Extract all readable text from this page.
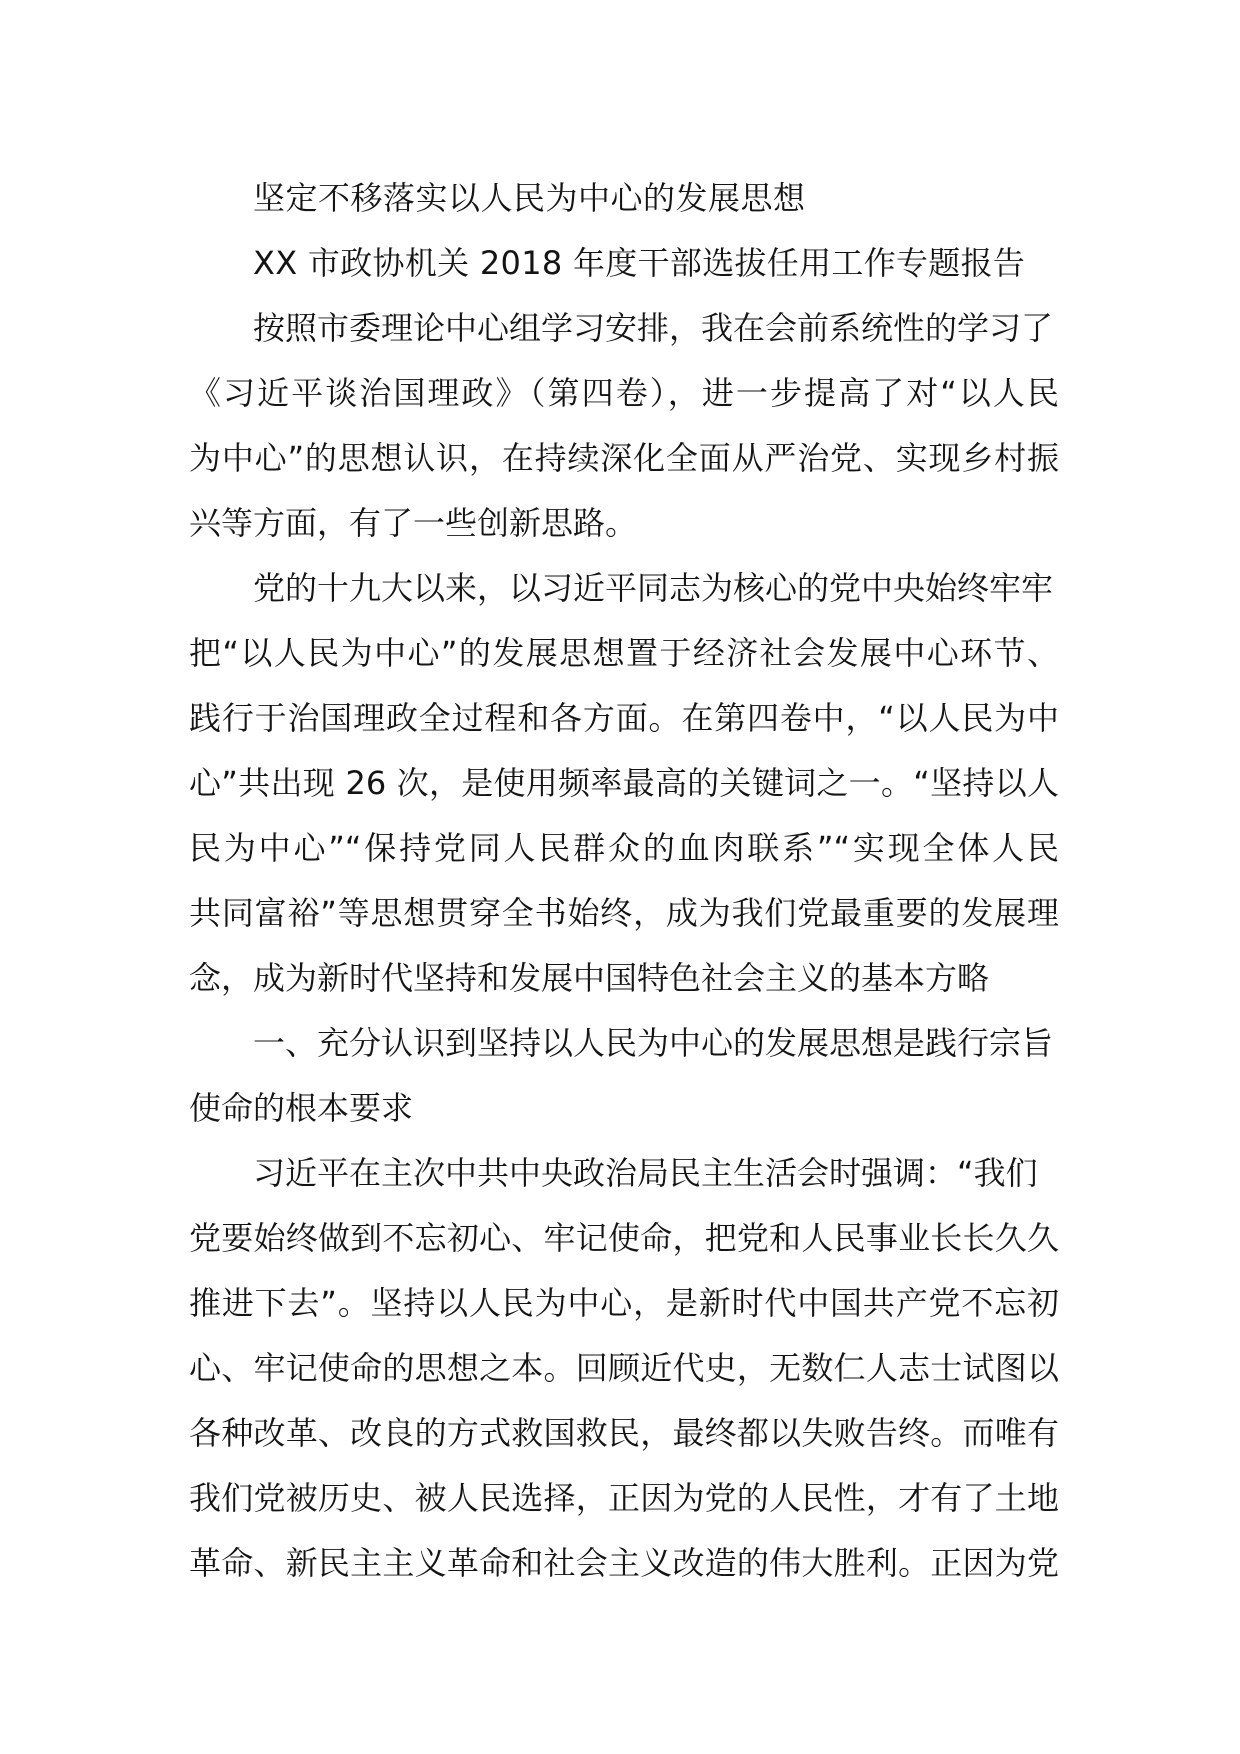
坚定不移落实以人民为中心的发展思想
XX 市政协机关 2018 年度干部选拔任用工作专题报告
按照市委理论中心组学习安排，我在会前系统性的学习了
《习近平谈治国理政》（第四卷），进一步提高了对“以人民
为中心”的思想认识，在持续深化全面从严治党、实现乡村振
兴等方面，有了一些创新思路。
党的十九大以来，以习近平同志为核心的党中央始终牢牢
把“以人民为中心”的发展思想置于经济社会发展中心环节、
践行于治国理政全过程和各方面。在第四卷中，“以人民为中
心”共出现 26 次，是使用频率最高的关键词之一。“坚持以人
民为中心”“保持党同人民群众的血肉联系”“实现全体人民
共同富裕”等思想贯穿全书始终，成为我们党最重要的发展理
念，成为新时代坚持和发展中国特色社会主义的基本方略
一、充分认识到坚持以人民为中心的发展思想是践行宗旨
使命的根本要求
习近平在主次中共中央政治局民主生活会时强调：“我们
党要始终做到不忘初心、牢记使命，把党和人民事业长长久久
推进下去”。坚持以人民为中心，是新时代中国共产党不忘初
心、牢记使命的思想之本。回顾近代史，无数仁人志士试图以
各种改革、改良的方式救国救民，最终都以失败告终。而唯有
我们党被历史、被人民选择，正因为党的人民性，才有了土地
革命、新民主主义革命和社会主义改造的伟大胜利。正因为党
